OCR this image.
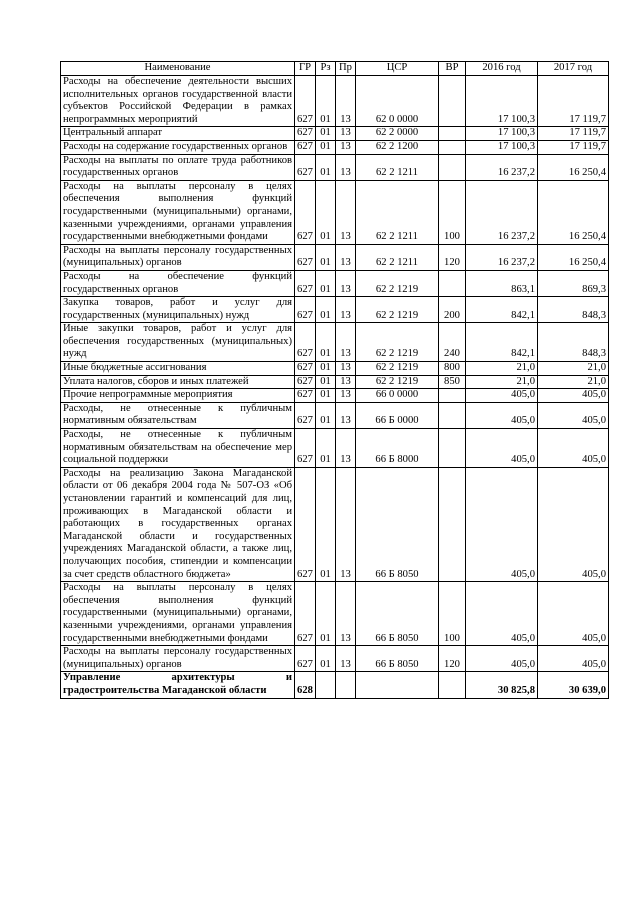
Наименование	ГР	Рз	Пр	ЦСР	ВР	2016 год	2017 год
Расходы на обеспечение деятельности высших исполнительных органов государственной власти субъектов Российской Федерации в рамках непрограммных мероприятий	627	01	13	62 0 0000		17 100,3	17 119,7
Центральный аппарат	627	01	13	62 2 0000		17 100,3	17 119,7
Расходы на содержание государственных органов	627	01	13	62 2 1200		17 100,3	17 119,7
Расходы на выплаты по оплате труда работников государственных органов	627	01	13	62 2 1211		16 237,2	16 250,4
Расходы на выплаты персоналу в целях обеспечения выполнения функций государственными (муниципальными) органами, казенными учреждениями, органами управления государственными внебюджетными фондами	627	01	13	62 2 1211	100	16 237,2	16 250,4
Расходы на выплаты персоналу государственных (муниципальных) органов	627	01	13	62 2 1211	120	16 237,2	16 250,4
Расходы на обеспечение функций государственных органов	627	01	13	62 2 1219		863,1	869,3
Закупка товаров, работ и услуг для государственных (муниципальных) нужд	627	01	13	62 2 1219	200	842,1	848,3
Иные закупки товаров, работ и услуг для обеспечения государственных (муниципальных) нужд	627	01	13	62 2 1219	240	842,1	848,3
Иные бюджетные ассигнования	627	01	13	62 2 1219	800	21,0	21,0
Уплата налогов, сборов и иных платежей	627	01	13	62 2 1219	850	21,0	21,0
Прочие непрограммные мероприятия	627	01	13	66 0 0000		405,0	405,0
Расходы, не отнесенные к публичным нормативным обязательствам	627	01	13	66 Б 0000		405,0	405,0
Расходы, не отнесенные к публичным нормативным обязательствам на обеспечение мер социальной поддержки	627	01	13	66 Б 8000		405,0	405,0
Расходы на реализацию Закона Магаданской области от 06 декабря 2004 года № 507-ОЗ «Об установлении гарантий и компенсаций для лиц, проживающих в Магаданской области и работающих в государственных органах Магаданской области и государственных учреждениях Магаданской области, а также лиц, получающих пособия, стипендии и компенсации за счет средств областного бюджета»	627	01	13	66 Б 8050		405,0	405,0
Расходы на выплаты персоналу в целях обеспечения выполнения функций государственными (муниципальными) органами, казенными учреждениями, органами управления государственными внебюджетными фондами	627	01	13	66 Б 8050	100	405,0	405,0
Расходы на выплаты персоналу государственных (муниципальных) органов	627	01	13	66 Б 8050	120	405,0	405,0
Управление архитектуры и градостроительства Магаданской области	628					30 825,8	30 639,0
